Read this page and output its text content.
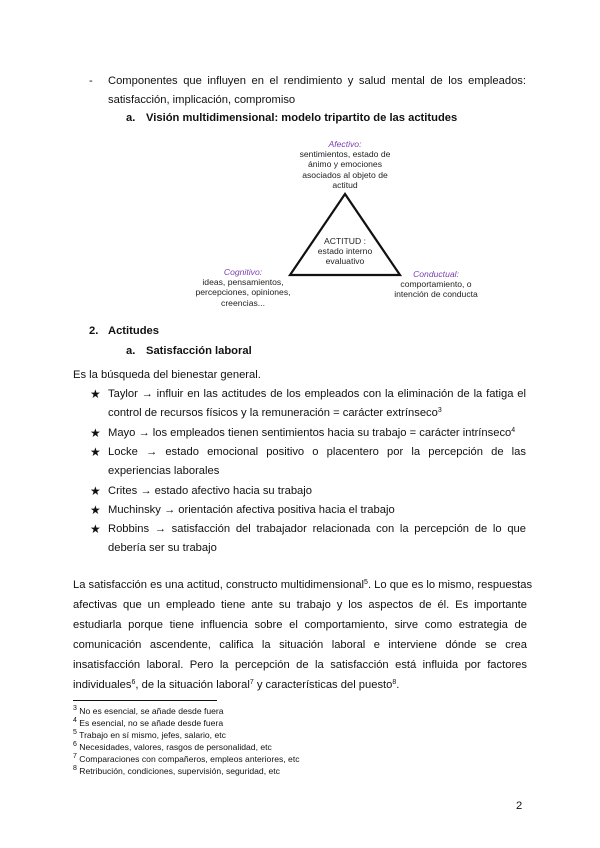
- Componentes que influyen en el rendimiento y salud mental de los empleados:
satisfacción, implicación, compromiso
a. Visión multidimensional: modelo tripartito de las actitudes
Afectivo:
sentimientos, estado de
ánimo y emociones
asociados al objeto de
actitud
ACTITUD :
estado interno
evaluativo
Cognitivo:
ideas, pensamientos,
percepciones, opiniones,
creencias...
Conductual:
comportamiento, o
intención de conducta
2. Actitudes
a. Satisfacción laboral
Es la búsqueda del bienestar general.
★ Taylor → influir en las actitudes de los empleados con la eliminación de la fatiga el
control de recursos físicos y la remuneración = carácter extrínseco$^3$
★ Mayo → los empleados tienen sentimientos hacia su trabajo = carácter intrínseco$^4$
★ Locke → estado emocional positivo o placentero por la percepción de las
experiencias laborales
★ Crites → estado afectivo hacia su trabajo
★ Muchinsky → orientación afectiva positiva hacia el trabajo
★ Robbins → satisfacción del trabajador relacionada con la percepción de lo que
debería ser su trabajo
La satisfacción es una actitud, constructo multidimensional$^5$. Lo que es lo mismo, respuestas
afectivas que un empleado tiene ante su trabajo y los aspectos de él. Es importante
estudiarla porque tiene influencia sobre el comportamiento, sirve como estrategia de
comunicación ascendente, califica la situación laboral e interviene dónde se crea
insatisfacción laboral. Pero la percepción de la satisfacción está influida por factores
individuales$^6$, de la situación laboral$^7$ y características del puesto$^8$.
$^3$ No es esencial, se añade desde fuera
$^4$ Es esencial, no se añade desde fuera
$^5$ Trabajo en sí mismo, jefes, salario, etc
$^6$ Necesidades, valores, rasgos de personalidad, etc
$^7$ Comparaciones con compañeros, empleos anteriores, etc
$^8$ Retribución, condiciones, supervisión, seguridad, etc
2
